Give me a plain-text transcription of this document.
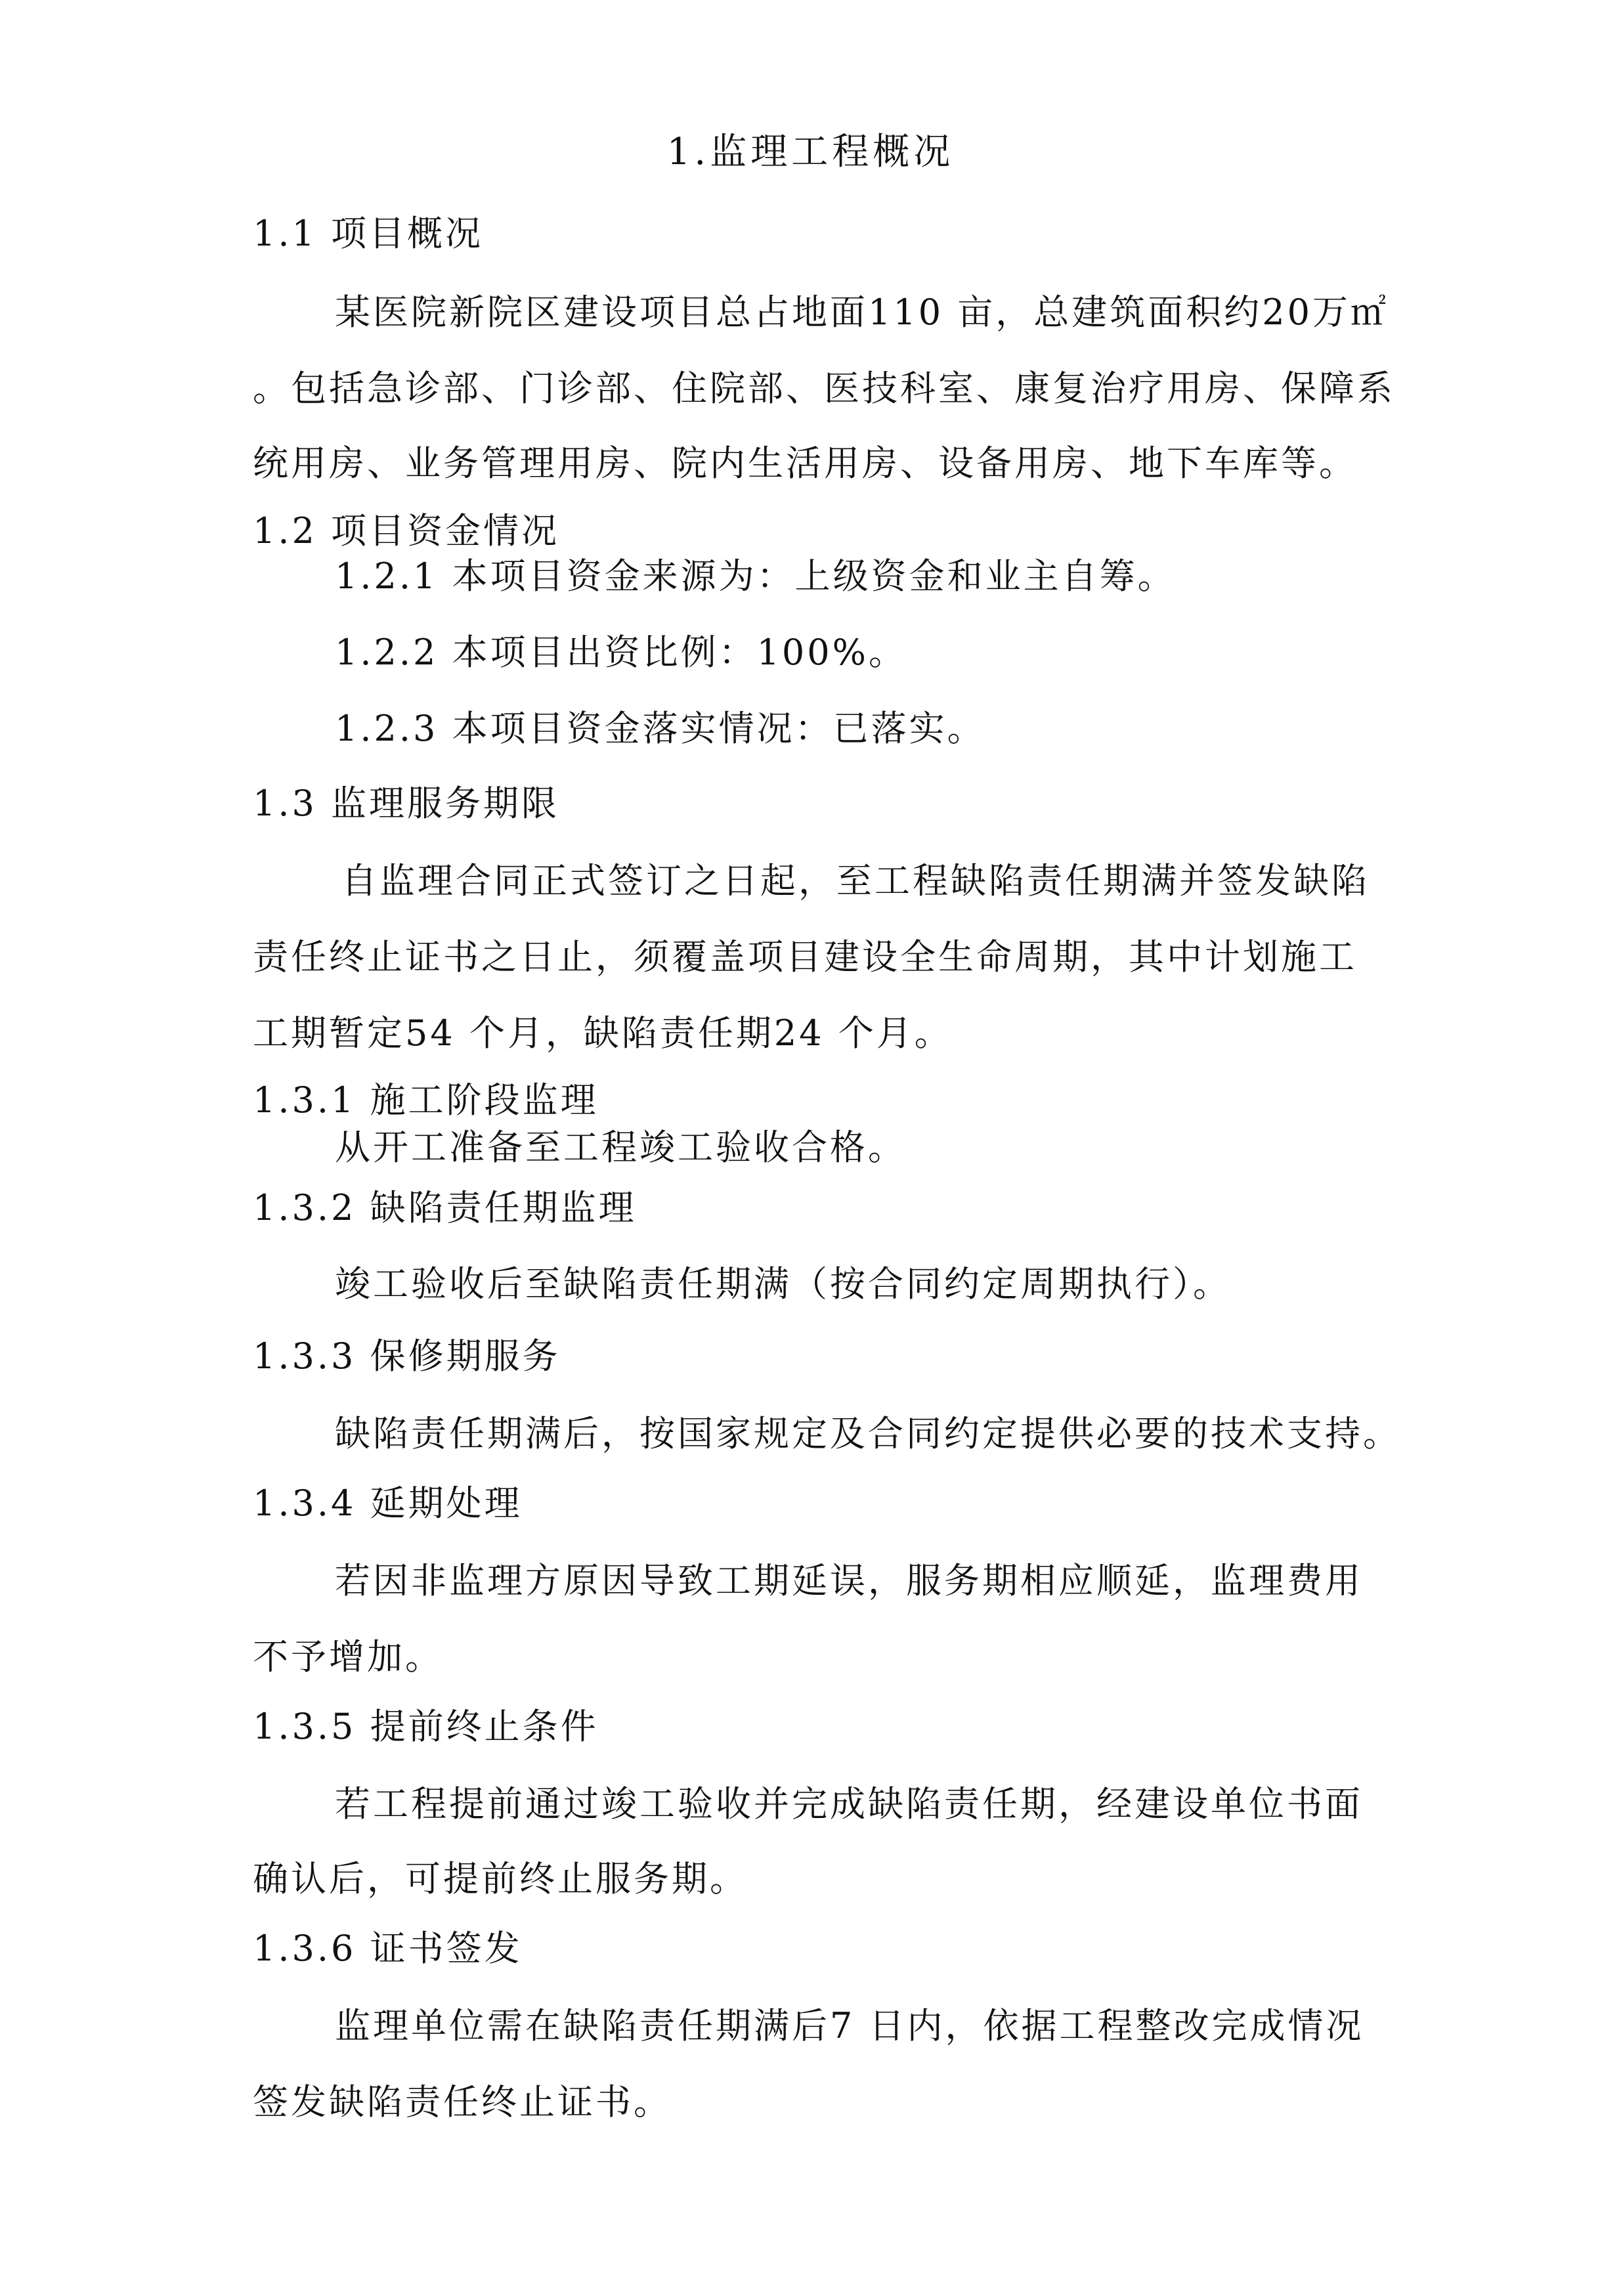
1.监理工程概况

1.1 项目概况

某医院新院区建设项目总占地面110 亩，总建筑面积约20万㎡

。包括急诊部、门诊部、住院部、医技科室、康复治疗用房、保障系

统用房、业务管理用房、院内生活用房、设备用房、地下车库等。

1.2 项目资金情况

1.2.1 本项目资金来源为：上级资金和业主自筹。

1.2.2 本项目出资比例：100%。

1.2.3 本项目资金落实情况：已落实。

1.3 监理服务期限

自监理合同正式签订之日起，至工程缺陷责任期满并签发缺陷

责任终止证书之日止，须覆盖项目建设全生命周期，其中计划施工

工期暂定54 个月，缺陷责任期24 个月。

1.3.1 施工阶段监理

从开工准备至工程竣工验收合格。

1.3.2 缺陷责任期监理

竣工验收后至缺陷责任期满（按合同约定周期执行）。

1.3.3 保修期服务

缺陷责任期满后，按国家规定及合同约定提供必要的技术支持。

1.3.4 延期处理

若因非监理方原因导致工期延误，服务期相应顺延，监理费用

不予增加。

1.3.5 提前终止条件

若工程提前通过竣工验收并完成缺陷责任期，经建设单位书面

确认后，可提前终止服务期。

1.3.6 证书签发

监理单位需在缺陷责任期满后7 日内，依据工程整改完成情况

签发缺陷责任终止证书。
